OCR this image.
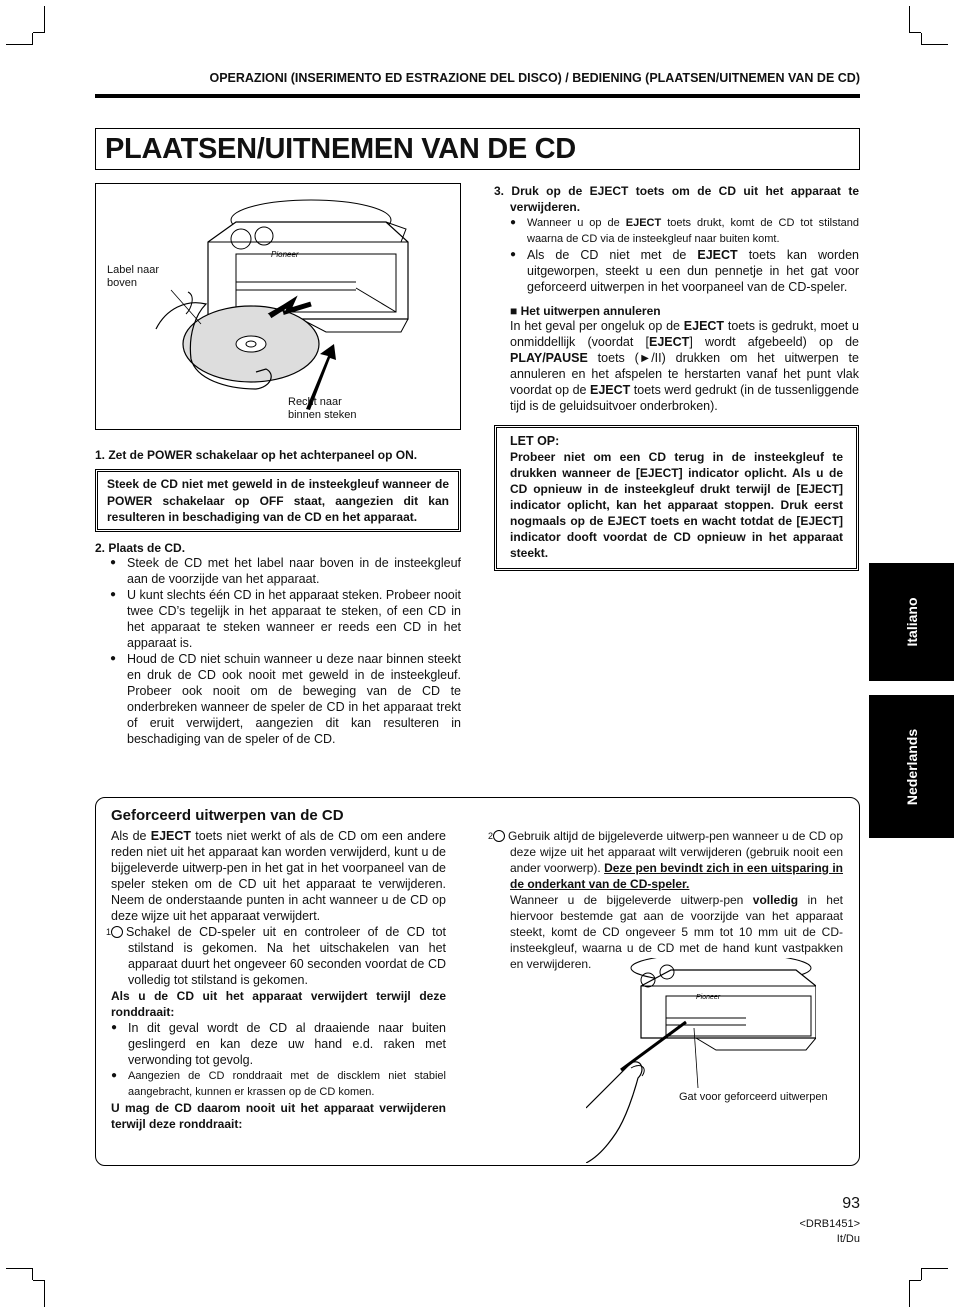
OPERAZIONI (INSERIMENTO ED ESTRAZIONE DEL DISCO) / BEDIENING (PLAATSEN/UITNEMEN VAN DE CD)
PLAATSEN/UITNEMEN VAN DE CD
Pioneer
Label naar
boven
Recht naar
binnen steken
1. Zet de POWER schakelaar op het achterpaneel op ON.
Steek de CD niet met geweld in de insteekgleuf wanneer de POWER schakelaar op OFF staat, aangezien dit kan resulteren in beschadiging van de CD en het apparaat.
2. Plaats de CD.
● Steek de CD met het label naar boven in de insteekgleuf aan de voorzijde van het apparaat.
● U kunt slechts één CD in het apparaat steken. Probeer nooit twee CD’s tegelijk in het apparaat te steken, of een CD in het apparaat te steken wanneer er reeds een CD in het apparaat is.
● Houd de CD niet schuin wanneer u deze naar binnen steekt en druk de CD ook nooit met geweld in de insteekgleuf. Probeer ook nooit om de beweging van de CD te onderbreken wanneer de speler de CD in het apparaat trekt of eruit verwijdert, aangezien dit kan resulteren in beschadiging van de speler of de CD.
3. Druk op de EJECT toets om de CD uit het apparaat te verwijderen.
● Wanneer u op de EJECT toets drukt, komt de CD tot stilstand waarna de CD via de insteekgleuf naar buiten komt.
● Als de CD niet met de EJECT toets kan worden uitgeworpen, steekt u een dun pennetje in het gat voor geforceerd uitwerpen in het voorpaneel van de CD-speler.
■ Het uitwerpen annuleren
In het geval per ongeluk op de EJECT toets is gedrukt, moet u onmiddellijk (voordat [EJECT] wordt afgebeeld) op de PLAY/PAUSE toets (►/II) drukken om het uitwerpen te annuleren en het afspelen te herstarten vanaf het punt vlak voordat op de EJECT toets werd gedrukt (in de tussenliggende tijd is de geluidsuitvoer onderbroken).
LET OP:
Probeer niet om een CD terug in de insteekgleuf te drukken wanneer de [EJECT] indicator oplicht. Als u de CD opnieuw in de insteekgleuf drukt terwijl de [EJECT] indicator oplicht, kan het apparaat stoppen. Druk eerst nogmaals op de EJECT toets en wacht totdat de [EJECT] indicator dooft voordat de CD opnieuw in het apparaat steekt.
Italiano
Nederlands
Geforceerd uitwerpen van de CD
Als de EJECT toets niet werkt of als de CD om een andere reden niet uit het apparaat kan worden verwijderd, kunt u de bijgeleverde uitwerp-pen in het gat in het voorpaneel van de speler steken om de CD uit het apparaat te verwijderen. Neem de onderstaande punten in acht wanneer u de CD op deze wijze uit het apparaat verwijdert.
1 Schakel de CD-speler uit en controleer of de CD tot stilstand is gekomen. Na het uitschakelen van het apparaat duurt het ongeveer 60 seconden voordat de CD volledig tot stilstand is gekomen.
Als u de CD uit het apparaat verwijdert terwijl deze ronddraait:
● In dit geval wordt de CD al draaiende naar buiten geslingerd en kan deze uw hand e.d. raken met verwonding tot gevolg.
● Aangezien de CD ronddraait met de discklem niet stabiel aangebracht, kunnen er krassen op de CD komen.
U mag de CD daarom nooit uit het apparaat verwijderen terwijl deze ronddraait:
2 Gebruik altijd de bijgeleverde uitwerp-pen wanneer u de CD op deze wijze uit het apparaat wilt verwijderen (gebruik nooit een ander voorwerp). Deze pen bevindt zich in een uitsparing in de onderkant van de CD-speler.
Wanneer u de bijgeleverde uitwerp-pen volledig in het hiervoor bestemde gat aan de voorzijde van het apparaat steekt, komt de CD ongeveer 5 mm tot 10 mm uit de CD-insteekgleuf, waarna u de CD met de hand kunt vastpakken en verwijderen.
Pioneer
Gat voor geforceerd uitwerpen
93
<DRB1451>
It/Du
